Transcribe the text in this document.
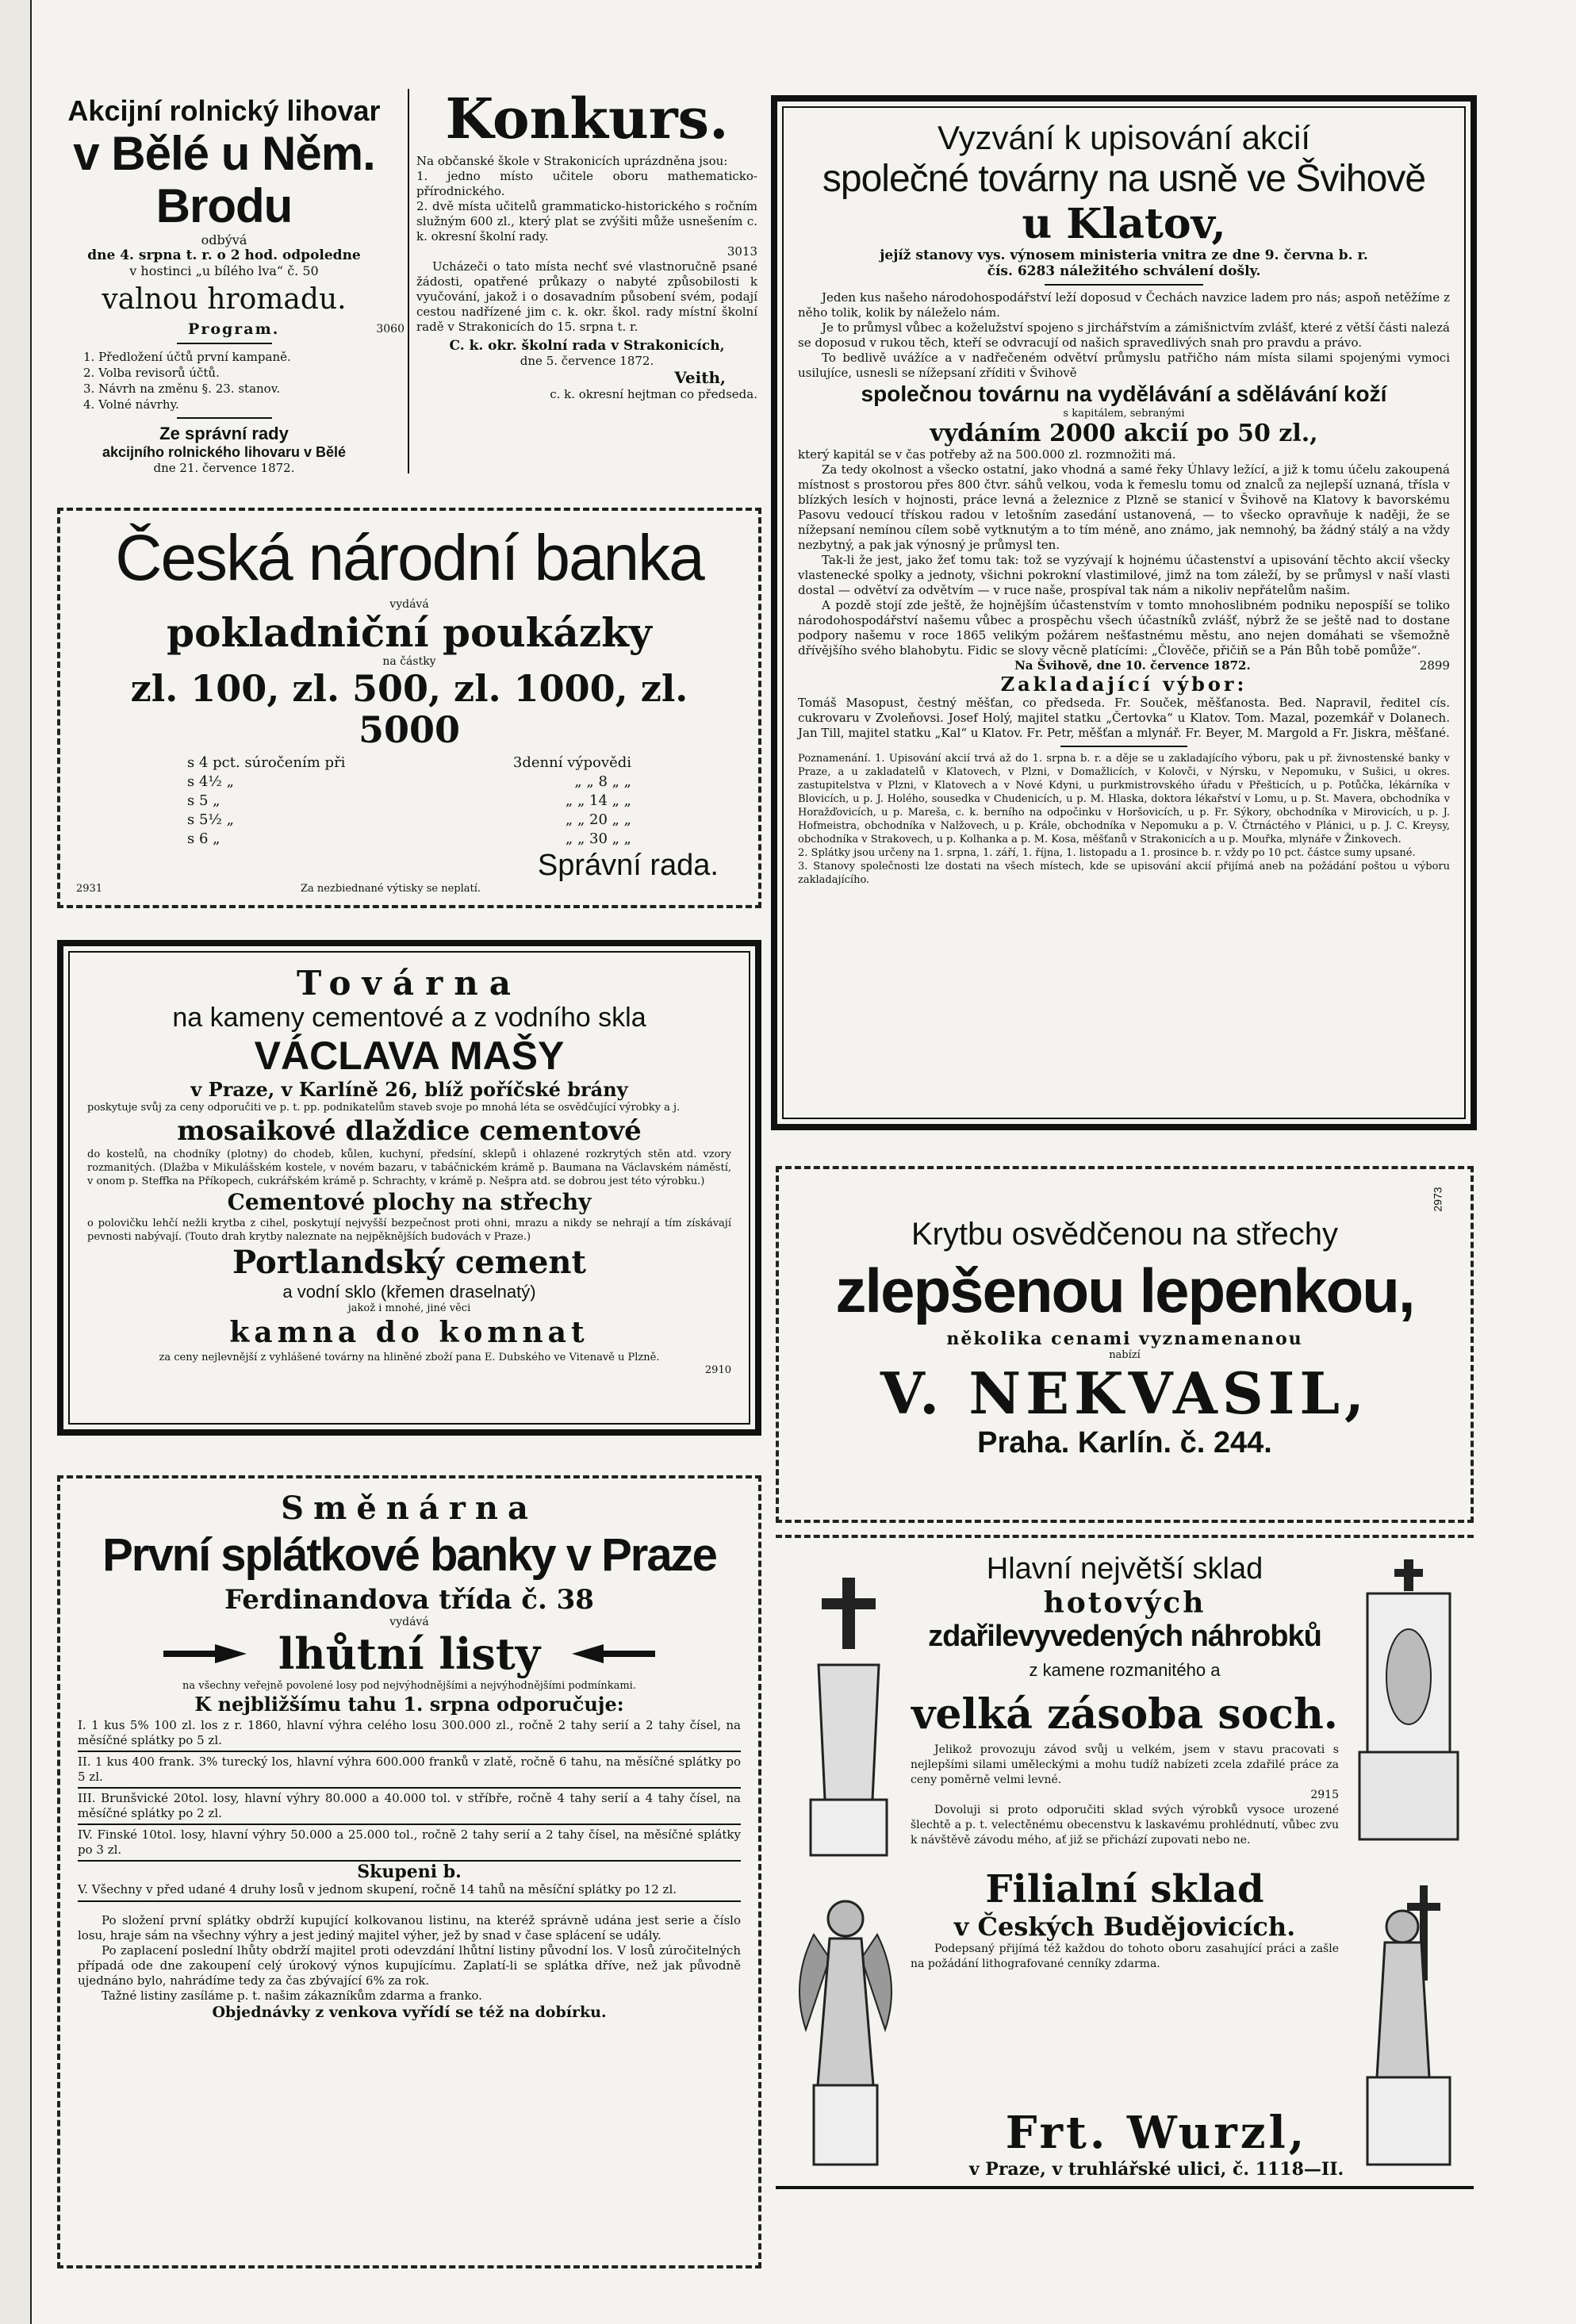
Akciјní rolnický lihovar

v Bělé u Něm. Brodu

odbývá

dne 4. srpna t. r. o 2 hod. odpoledne

v hostinci „u bílého lva“ č. 50

valnou hromadu.

Program.	3060

1. Předložení účtů první kampaně.

2. Volba revisorů účtů.

3. Návrh na změnu §. 23. stanov.

4. Volné návrhy.

Ze správní rady

akciјního rolnického lihovaru v Bělé

dne 21. července 1872.

Konkurs.

Na občanské škole v Strakonicích uprázdněna jsou:

1. jedno místo učitele oboru mathematicko-přírodnického.

2. dvě místa učitelů grammaticko-historického s ročním služným 600 zl., který plat se zvýšiti může usnešením c. k. okresní školní rady.

3013

Ucházeči o tato místa nechť své vlastnoručně psané žádosti, opatřené průkazy o nabyté způsobilosti k vyučování, jakož i o dosavadním působení svém, podají cestou nadřízené jim c. k. okr. škol. rady místní školní radě v Strakonicích do 15. srpna t. r.

C. k. okr. školní rada v Strakonicích,

dne 5. července 1872.

Veith,

c. k. okresní hejtman co předseda.

Česká národní banka

vydává

pokladniční poukázky

na částky

zl. 100, zl. 500, zl. 1000, zl. 5000

s 4 pct. súročením při	3denní výpovědi
s 4½ „	„ „ 8 „ „
s 5 „	„ „ 14 „ „
s 5½ „	„ „ 20 „ „
s 6 „	„ „ 30 „ „

Správní rada.

2931	Za nezbiednané výtisky se neplatí.

Továrna

na kameny cementové a z vodního skla

VÁCLAVA MAŠY

v Praze, v Karlíně 26, blíž poříčské brány

poskytuje svůj za ceny odporučiti ve p. t. pp. podnikatelům staveb svoje po mnohá léta se osvědčující výrobky a j.

mosaikové dlaždice cementové

do kostelů, na chodníky (plotny) do chodeb, kůlen, kuchyní, předsíní, sklepů i ohlazené rozkrytých stěn atd. vzory rozmanitých. (Dlažba v Mikulášském kostele, v novém bazaru, v tabáčnickém krámě p. Baumana na Václavském náměstí, v onom p. Steffka na Příkopech, cukrářském krámě p. Schrachty, v krámě p. Nešpra atd. se dobrou jest této výrobku.)

Cementové plochy na střechy

o polovičku lehčí nežli krytba z cihel, poskytují nejvyšší bezpečnost proti ohni, mrazu a nikdy se nehrají a tím získávají pevnosti nabývají. (Touto drah krytby naleznate na nejpěknějších budovách v Praze.)

Portlandský cement

a vodní sklo (křemen draselnatý)

jakož i mnohé, jiné věci

kamna do komnat

za ceny nejlevnější z vyhlášené továrny na hliněné zboží pana E. Dubského ve Vitenavě u Plzně.

2910

Směnárna

První splátkové banky v Praze

Ferdinandova třída č. 38

vydává

lhůtní listy

na všechny veřejně povolené losy pod nejvýhodnějšími a nejvýhodnějšími podmínkami.

K nejbližšímu tahu 1. srpna odporučuje:

I. 1 kus 5% 100 zl. los z r. 1860, hlavní výhra celého losu 300.000 zl., ročně 2 tahy serií a 2 tahy čísel, na měsíčné splátky po 5 zl.

II. 1 kus 400 frank. 3% turecký los, hlavní výhra 600.000 franků v zlatě, ročně 6 tahu, na měsíčné splátky po 5 zl.

III. Brunšvické 20tol. losy, hlavní výhry 80.000 a 40.000 tol. v stříbře, ročně 4 tahy serií a 4 tahy čísel, na měsíčné splátky po 2 zl.

IV. Finské 10tol. losy, hlavní výhry 50.000 a 25.000 tol., ročně 2 tahy serií a 2 tahy čísel, na měsíčné splátky po 3 zl.

Skupeni b.

V. Všechny v před udané 4 druhy losů v jednom skupení, ročně 14 tahů na měsíční splátky po 12 zl.

Po složení první splátky obdrží kupující kolkovanou listinu, na kteréž správně udána jest serie a číslo losu, hraje sám na všechny výhry a jest jediný majitel výher, jež by snad v čase splácení se udály.

Po zaplacení poslední lhůty obdrží majitel proti odevzdání lhůtní listiny původní los. V losů zúročitelných případá ode dne zakoupení celý úrokový výnos kupujícímu. Zaplatí-li se splátka dříve, než jak původně ujednáno bylo, nahrádíme tedy za čas zbývající 6% za rok.

Tažné listiny zasíláme p. t. našim zákazníkům zdarma a franko.

Objednávky z venkova vyřídí se též na dobírku.

Vyzvání k upisování akcií

společné továrny na usně ve Švihově

u Klatov,

jejíž stanovy vys. výnosem ministeria vnitra ze dne 9. června b. r.

čís. 6283 náležitého schválení došly.

Jeden kus našeho národohospodářství leží doposud v Čechách navzice ladem pro nás; aspoň netěžíme z něho tolik, kolik by náleželo nám.

Je to průmysl vůbec a koželužství spojeno s jirchářstvím a zámišnictvím zvlášť, které z větší části nalezá se doposud v rukou těch, kteří se odvracují od našich spravedlivých snah pro pravdu a právo.

To bedlivě uvážíce a v nadřečeném odvětví průmyslu patřičho nám místa silami spojenými vymoci usilujíce, usnesli se nížepsaní zříditi v Švihově

společnou továrnu na vydělávání a sdělávání koží

s kapitálem, sebranými

vydáním 2000 akcií po 50 zl.,

který kapitál se v čas potřeby až na 500.000 zl. rozmnožiti má.

Za tedy okolnost a všecko ostatní, jako vhodná a samé řeky Úhlavy ležící, a již k tomu účelu zakoupená místnost s prostorou přes 800 čtvr. sáhů velkou, voda k řemeslu tomu od znalců za nejlepší uznaná, třísla v blízkých lesích v hojnosti, práce levná a železnice z Plzně se stanicí v Švihově na Klatovy k bavorskému Pasovu vedoucí třískou radou v letošním zasedání ustanovená, — to všecko opravňuje k naději, že se nížepsaní nemínou cílem sobě vytknutým a to tím méně, ano známo, jak nemnohý, ba žádný stálý a na vždy nezbytný, a pak jak výnosný je průmysl ten.

Tak-li že jest, jako žeť tomu tak: tož se vyzývají k hojnému účastenství a upisování těchto akcií všecky vlastenecké spolky a jednoty, všichni pokrokní vlastimilové, jimž na tom záleží, by se průmysl v naší vlasti dostal — odvětví za odvětvím — v ruce naše, prospíval tak nám a nikoliv nepřátelům našim.

A pozdě stojí zde ještě, že hojnějším účastenstvím v tomto mnohoslibném podniku nepospíší se toliko národohospodářství našemu vůbec a prospěchu všech účastníků zvlášť, nýbrž že se ještě nad to dostane podpory našemu v roce 1865 velikým požárem nešťastnému městu, ano nejen domáhati se všemožně dřívějšího svého blahobytu. Fidic se slovy věcně platícími: „Člověče, přičiň se a Pán Bůh tobě pomůže“.

Na Švihově, dne 10. července 1872.	2899

Zakladající výbor:

Tomáš Masopust, čestný měšťan, co předseda. Fr. Souček, měšťanosta. Bed. Napravil, ředitel cís. cukrovaru v Zvoleňovsi. Josef Holý, majitel statku „Čertovka“ u Klatov. Tom. Mazal, pozemkář v Dolanech. Jan Till, majitel statku „Kal“ u Klatov. Fr. Petr, měšťan a mlynář. Fr. Beyer, M. Margold a Fr. Jiskra, měšťané.

Poznamenání. 1. Upisování akcií trvá až do 1. srpna b. r. a děje se u zakladajícího výboru, pak u př. živnostenské banky v Praze, a u zakladatelů v Klatovech, v Plzni, v Domažlicích, v Kolovči, v Nýrsku, v Nepomuku, v Sušici, u okres. zastupitelstva v Plzni, v Klatovech a v Nové Kdyni, u purkmistrovského úřadu v Přešticích, u p. Potůčka, lékárníka v Blovicích, u p. J. Holého, sousedka v Chudenicích, u p. M. Hlaska, doktora lékařství v Lomu, u p. St. Mavera, obchodníka v Horažďovicích, u p. Mareša, c. k. berního na odpočinku v Horšovicích, u p. Fr. Sýkory, obchodníka v Mirovicích, u p. J. Hofmeistra, obchodníka v Nalžovech, u p. Krále, obchodníka v Nepomuku a p. V. Čtrnáctého v Plánici, u p. J. C. Kreysy, obchodníka v Strakovech, u p. Kolhanka a p. M. Kosa, měšťanů v Strakonicích a u p. Mouřka, mlynáře v Žinkovech.

2. Splátky jsou určeny na 1. srpna, 1. září, 1. října, 1. listopadu a 1. prosince b. r. vždy po 10 pct. částce sumy upsané.

3. Stanovy společnosti lze dostati na všech místech, kde se upisování akcií přijímá aneb na požádání poštou u výboru zakladajícího.

2973

Krytbu osvědčenou na střechy

zlepšenou lepenkou,

několika cenami vyznamenanou

nabízí

V. NEKVASIL,

Praha. Karlín. č. 244.

Hlavní největší sklad

hotových

zdařilevyvedených náhrobků

z kamene rozmanitého a

velká zásoba soch.

Jelikož provozuju závod svůj u velkém, jsem v stavu pracovati s nejlepšími silami uměleckými a mohu tudíž nabízeti zcela zdařilé práce za ceny poměrně velmi levné.

2915

Dovoluji si proto odporučiti sklad svých výrobků vysoce urozené šlechtě a p. t. velectěnému obecenstvu k laskavému prohlédnutí, vůbec zvu k návštěvě závodu mého, ať již se přichází zupovati nebo ne.

Filialní sklad

v Českých Budějovicích.

Podepsaný přijímá též každou do tohoto oboru zasahující práci a zašle na požádání lithografované cenníky zdarma.

Frt. Wurzl,

v Praze, v truhlářské ulici, č. 1118—II.
